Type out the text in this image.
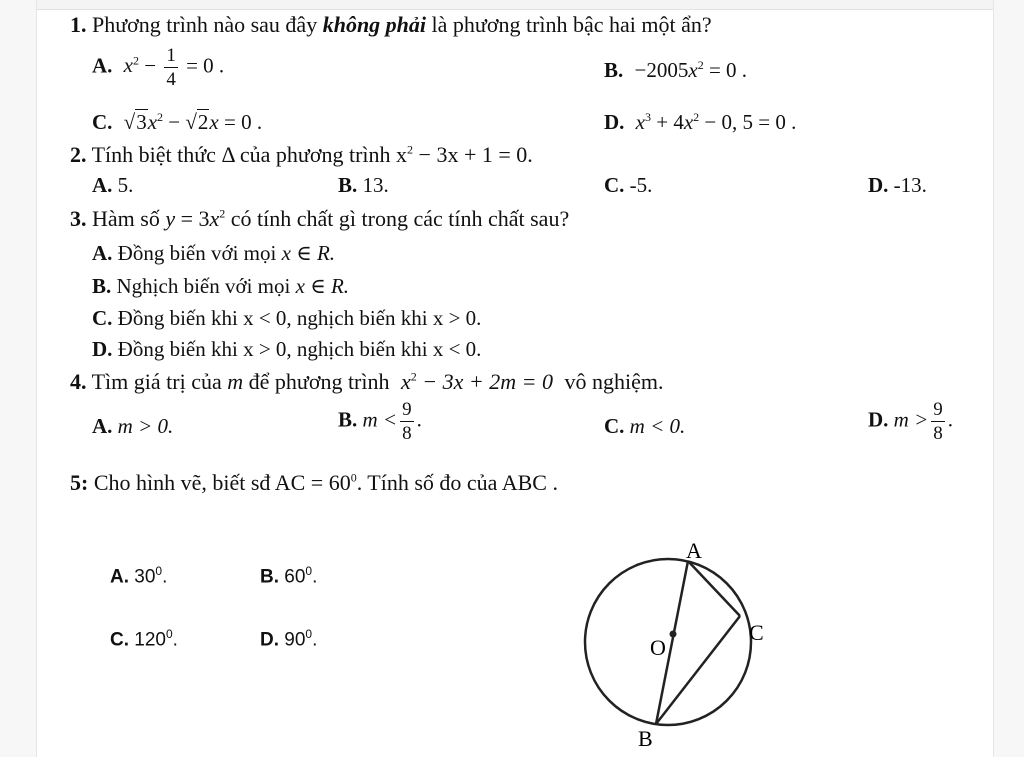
1. Phương trình nào sau đây không phải là phương trình bậc hai một ẩn?
A. $x^2 - \frac{1}{4} = 0$ .	B. $-2005x^2 = 0$ .
C. $√3x^2 - √2x = 0$ .	D. $x^3 + 4x^2 - 0$, 5 = 0 .
2. Tính biệt thức Δ của phương trình $x^2 - 3x + 1 = 0$.
A. 5.	B. 13.	C. -5.	D. -13.
3. Hàm số $y = 3x^2$ có tính chất gì trong các tính chất sau?
A. Đồng biến với mọi x ∈ R.
B. Nghịch biến với mọi x ∈ R.
C. Đồng biến khi x < 0, nghịch biến khi x > 0.
D. Đồng biến khi x > 0, nghịch biến khi x < 0.
4. Tìm giá trị của m để phương trình $x^2 - 3x + 2m = 0$ vô nghiệm.
A. m > 0.	B. $m < \frac{9}{8}$ .	C. m < 0.	D. $m > \frac{9}{8}$ .
5: Cho hình vẽ, biết sđ AC = $60^0$. Tính số đo của ABC .
A. $30^0$.	B. $60^0$.
C. $120^0$.	D. $90^0$.
A
C
O
B
